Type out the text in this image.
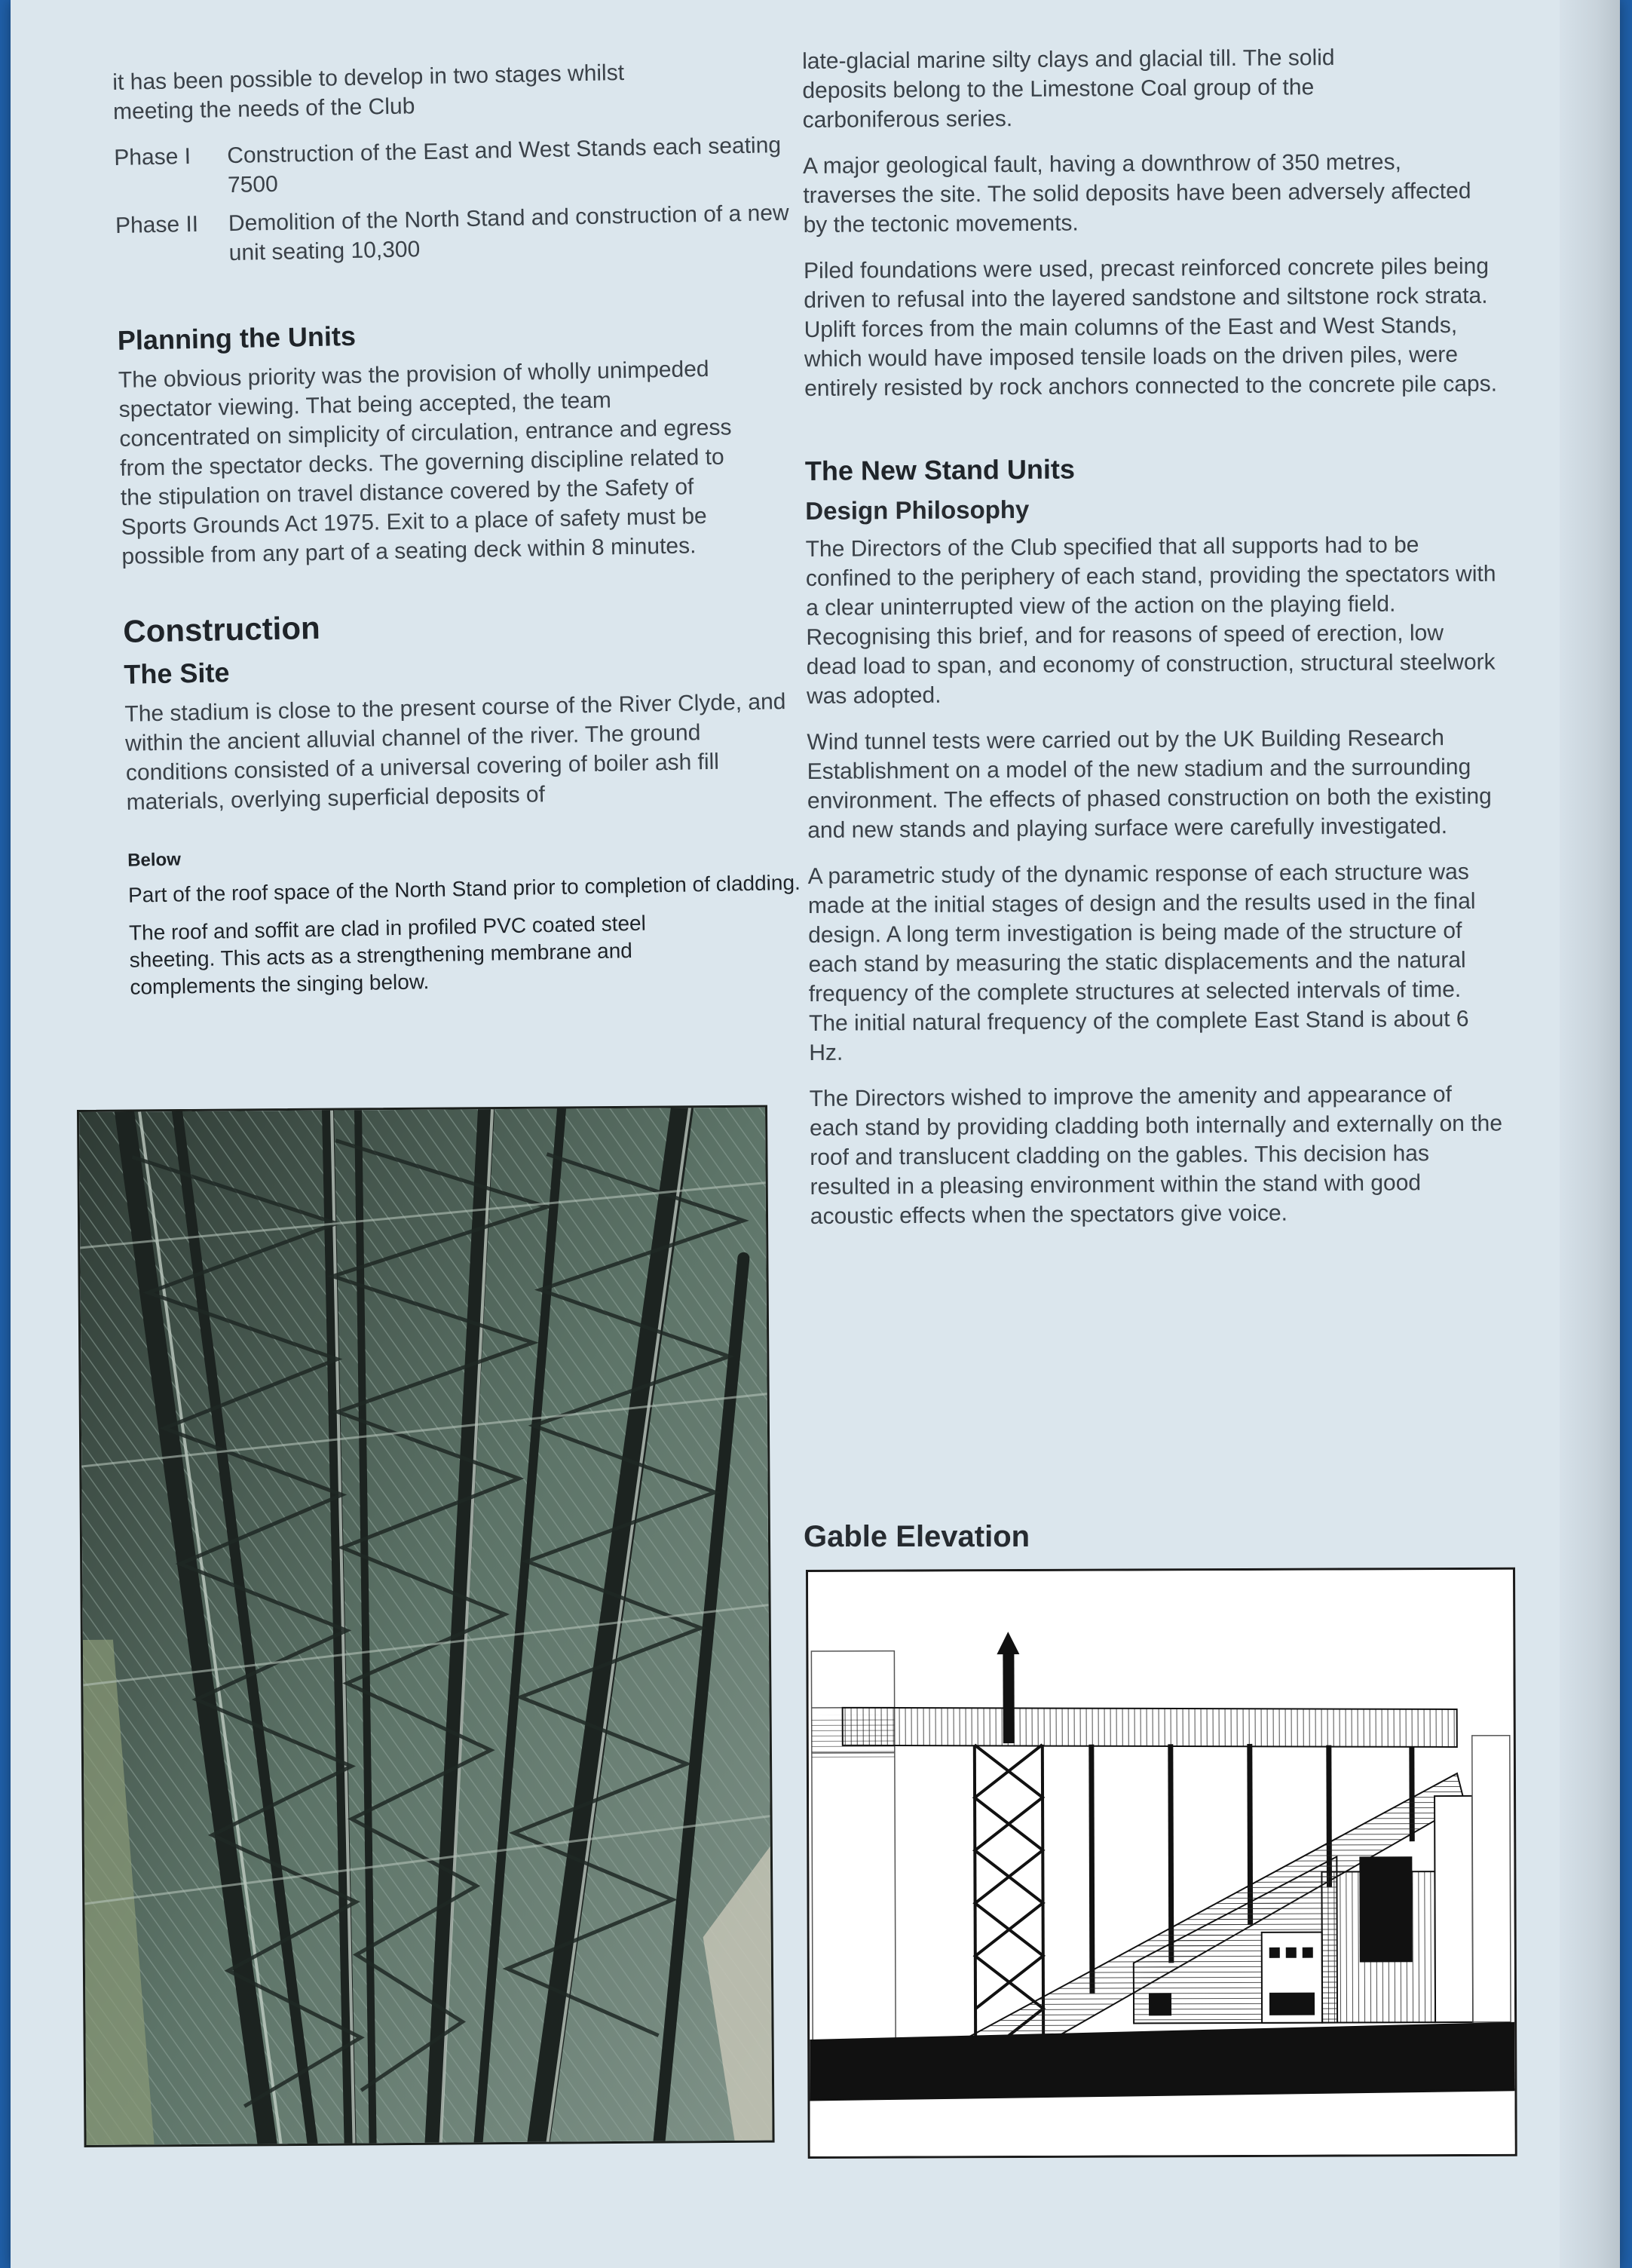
it has been possible to develop in two stages whilst meeting the needs of the Club

Phase I	Construction of the East and West Stands each seating 7500
Phase II	Demolition of the North Stand and construction of a new unit seating 10,300
Planning the Units

The obvious priority was the provision of wholly unimpeded spectator viewing. That being accepted, the team concentrated on simplicity of circulation, entrance and egress from the spectator decks. The governing discipline related to the stipulation on travel distance covered by the Safety of Sports Grounds Act 1975. Exit to a place of safety must be possible from any part of a seating deck within 8 minutes.

Construction
The Site

The stadium is close to the present course of the River Clyde, and within the ancient alluvial channel of the river. The ground conditions consisted of a universal covering of boiler ash fill materials, overlying superficial deposits of

Below

Part of the roof space of the North Stand prior to completion of cladding.

The roof and soffit are clad in profiled PVC coated steel sheeting. This acts as a strengthening membrane and complements the singing below.

late-glacial marine silty clays and glacial till. The solid deposits belong to the Limestone Coal group of the carboniferous series.

A major geological fault, having a downthrow of 350 metres, traverses the site. The solid deposits have been adversely affected by the tectonic movements.

Piled foundations were used, precast reinforced concrete piles being driven to refusal into the layered sandstone and siltstone rock strata. Uplift forces from the main columns of the East and West Stands, which would have imposed tensile loads on the driven piles, were entirely resisted by rock anchors connected to the concrete pile caps.

The New Stand Units
Design Philosophy

The Directors of the Club specified that all supports had to be confined to the periphery of each stand, providing the spectators with a clear uninterrupted view of the action on the playing field. Recognising this brief, and for reasons of speed of erection, low dead load to span, and economy of construction, structural steelwork was adopted.

Wind tunnel tests were carried out by the UK Building Research Establishment on a model of the new stadium and the surrounding environment. The effects of phased construction on both the existing and new stands and playing surface were carefully investigated.

A parametric study of the dynamic response of each structure was made at the initial stages of design and the results used in the final design. A long term investigation is being made of the structure of each stand by measuring the static displacements and the natural frequency of the complete structures at selected intervals of time. The initial natural frequency of the complete East Stand is about 6 Hz.

The Directors wished to improve the amenity and appearance of each stand by providing cladding both internally and externally on the roof and translucent cladding on the gables. This decision has resulted in a pleasing environment within the stand with good acoustic effects when the spectators give voice.

Gable Elevation
